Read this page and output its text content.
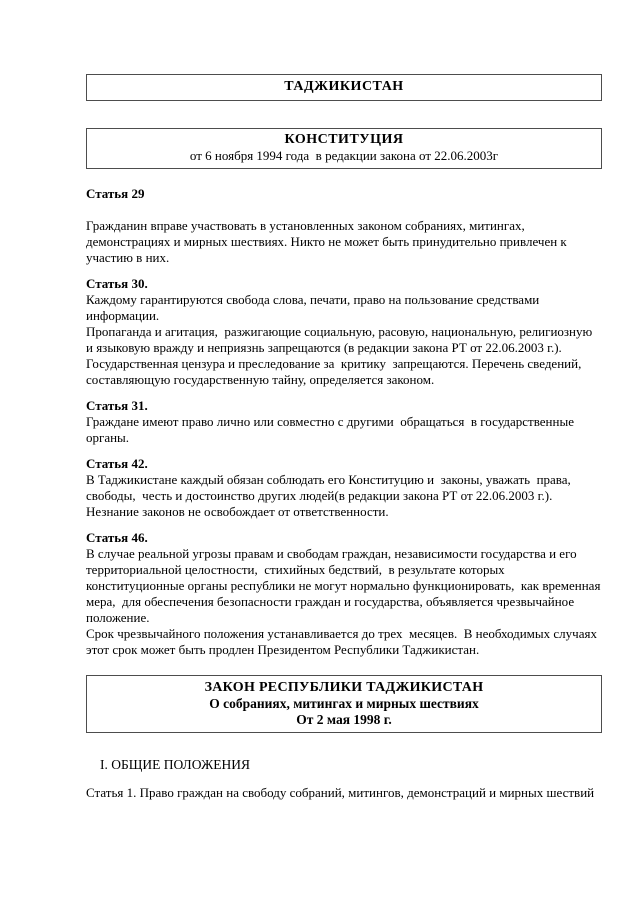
ТАДЖИКИСТАН
КОНСТИТУЦИЯ
от 6 ноября 1994 года  в редакции закона от 22.06.2003г
Статья 29

Гражданин вправе участвовать в установленных законом собраниях, митингах, демонстрациях и мирных шествиях. Никто не может быть принудительно привлечен к участию в них.

Статья 30.

Каждому гарантируются свобода слова, печати, право на пользование средствами информации.

Пропаганда и агитация,  разжигающие социальную, расовую, национальную, религиозную и языковую вражду и неприязнь запрещаются (в редакции закона РТ от 22.06.2003 г.).

Государственная цензура и преследование за  критику  запрещаются. Перечень сведений, составляющую государственную тайну, определяется законом.

Статья 31.

Граждане имеют право лично или совместно с другими  обращаться  в государственные органы.

Статья 42.

В Таджикистане каждый обязан соблюдать его Конституцию и  законы, уважать  права, свободы,  честь и достоинство других людей(в редакции закона РТ от 22.06.2003 г.).

Незнание законов не освобождает от ответственности.

Статья 46.

В случае реальной угрозы правам и свободам граждан, независимости государства и его территориальной целостности,  стихийных бедствий,  в результате которых конституционные органы республики не могут нормально функционировать,  как временная мера,  для обеспечения безопасности граждан и государства, объявляется чрезвычайное положение.

Срок чрезвычайного положения устанавливается до трех  месяцев.  В необходимых случаях этот срок может быть продлен Президентом Республики Таджикистан.

ЗАКОН РЕСПУБЛИКИ ТАДЖИКИСТАН
О собраниях, митингах и мирных шествиях
От 2 мая 1998 г.
I. ОБЩИЕ ПОЛОЖЕНИЯ

Статья 1. Право граждан на свободу собраний, митингов, демонстраций и мирных шествий
